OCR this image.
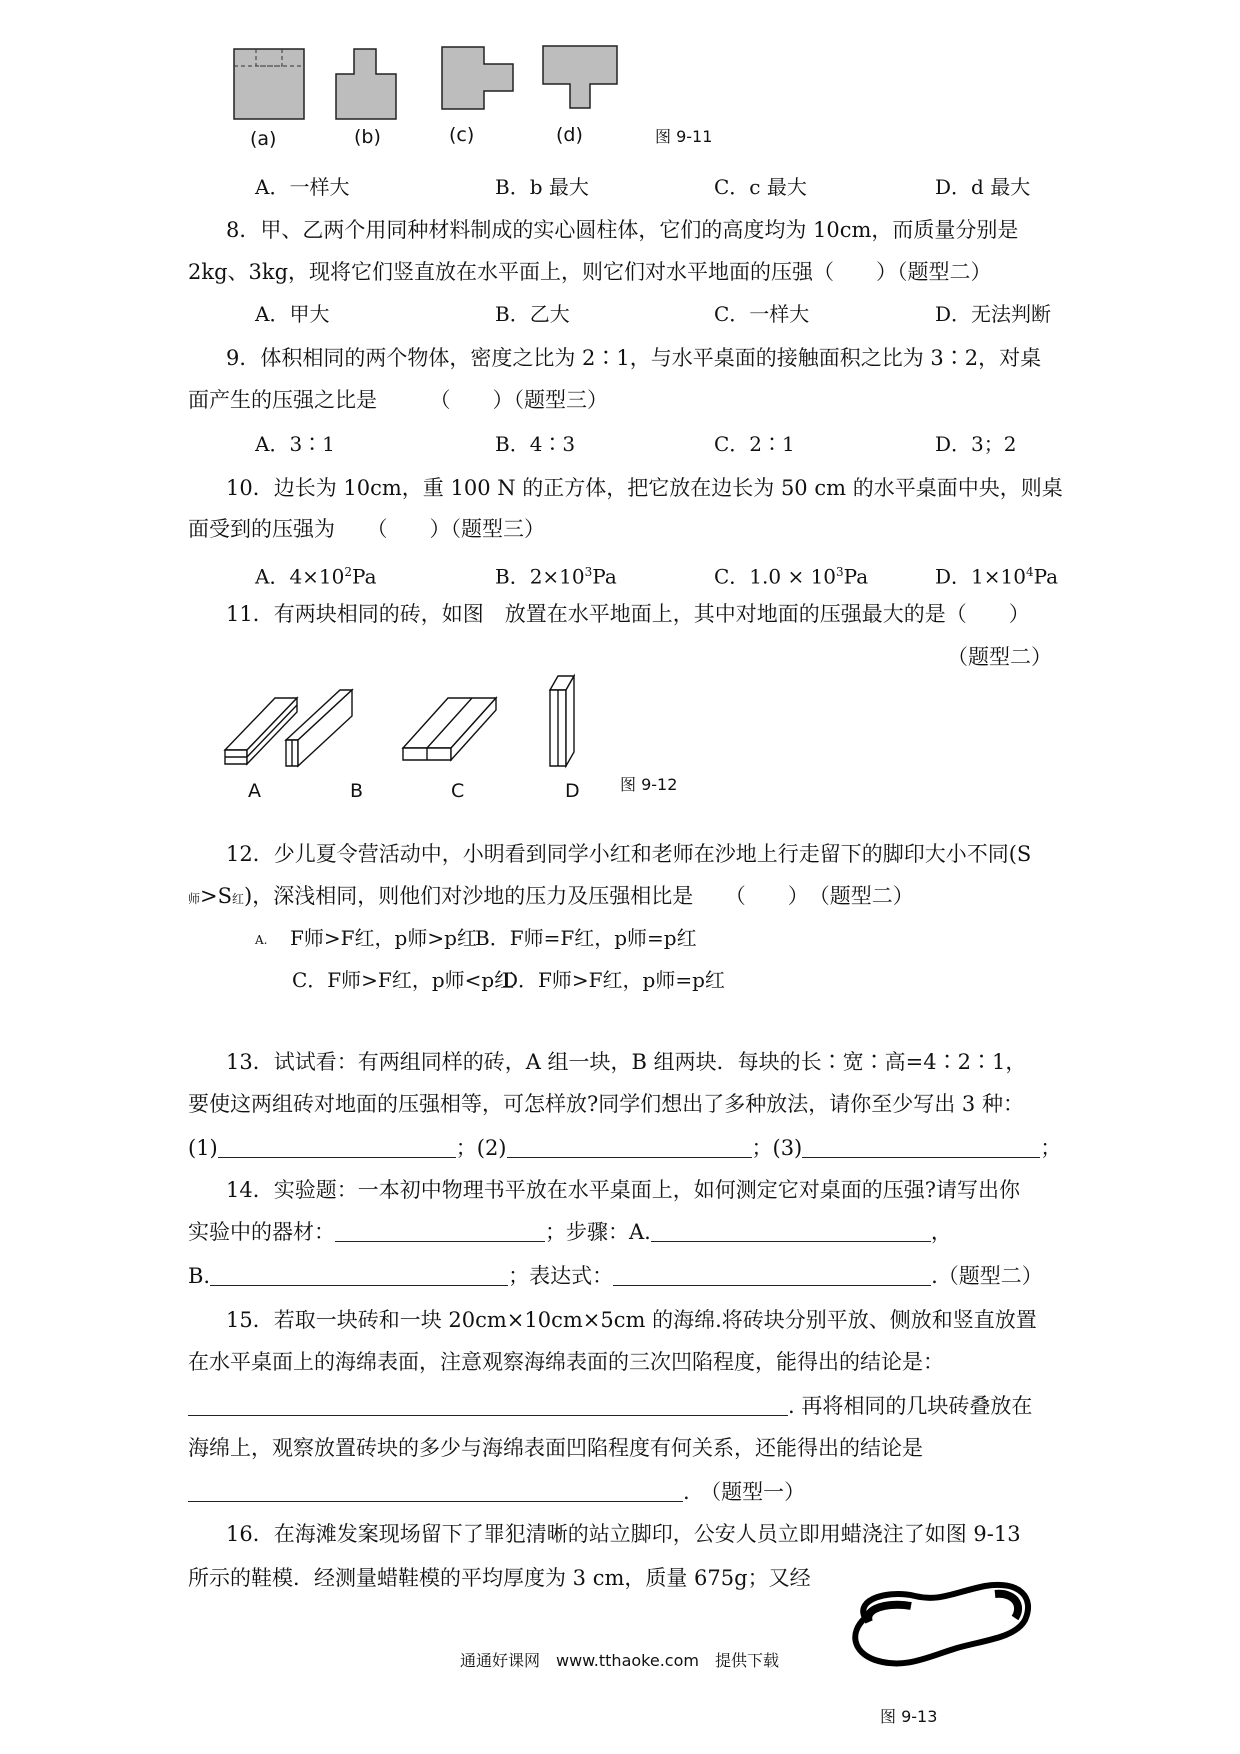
(a)	(b)	(c)	(d)	图 9-11
A．一样大	B．b 最大	C．c 最大	D．d 最大
8．甲、乙两个用同种材料制成的实心圆柱体，它们的高度均为 10cm，而质量分别是
2kg、3kg，现将它们竖直放在水平面上，则它们对水平地面的压强（　　）（题型二）
A．甲大	B．乙大	C．一样大	D．无法判断
9．体积相同的两个物体，密度之比为 2∶1，与水平桌面的接触面积之比为 3∶2，对桌
面产生的压强之比是　　　（　　）（题型三）
A．3∶1	B．4∶3	C．2∶1	D．3；2
10．边长为 10cm，重 100 N 的正方体，把它放在边长为 50 cm 的水平桌面中央，则桌
面受到的压强为　　（　　）（题型三）
A．$4\times 10^2Pa$	B．$2\times 10^3Pa$	C．$1.0 \times 10^3Pa$	D．$1\times 10^4Pa$
11．有两块相同的砖，如图　放置在水平地面上，其中对地面的压强最大的是（　　）
（题型二）
A	B	C	D	图 9-12
12．少儿夏令营活动中，小明看到同学小红和老师在沙地上行走留下的脚印大小不同(S
师>S红)，深浅相同，则他们对沙地的压力及压强相比是　　（　　）　（题型二）
A. F师>F红，p师>p红
B．F师=F红，p师=p红
C．F师>F红，p师<p红
D．F师>F红，p师=p红
13．试试看：有两组同样的砖，A 组一块，B 组两块．每块的长∶宽∶高=4∶2∶1，
要使这两组砖对地面的压强相等，可怎样放?同学们想出了多种放法，请你至少写出 3 种：
(1)	；(2)	；(3)	；
14．实验题：一本初中物理书平放在水平桌面上，如何测定它对桌面的压强?请写出你
实验中的器材：	；步骤：A.	，
B.	；表达式：	.（题型二）
15．若取一块砖和一块 20cm×10cm×5cm 的海绵.将砖块分别平放、侧放和竖直放置
在水平桌面上的海绵表面，注意观察海绵表面的三次凹陷程度，能得出的结论是：
. 再将相同的几块砖叠放在
海绵上，观察放置砖块的多少与海绵表面凹陷程度有何关系，还能得出的结论是
.　（题型一）
16．在海滩发案现场留下了罪犯清晰的站立脚印，公安人员立即用蜡浇注了如图 9-13
所示的鞋模．经测量蜡鞋模的平均厚度为 3 cm，质量 675g；又经
图 9-13
通通好课网　www.tthaoke.com　提供下载
